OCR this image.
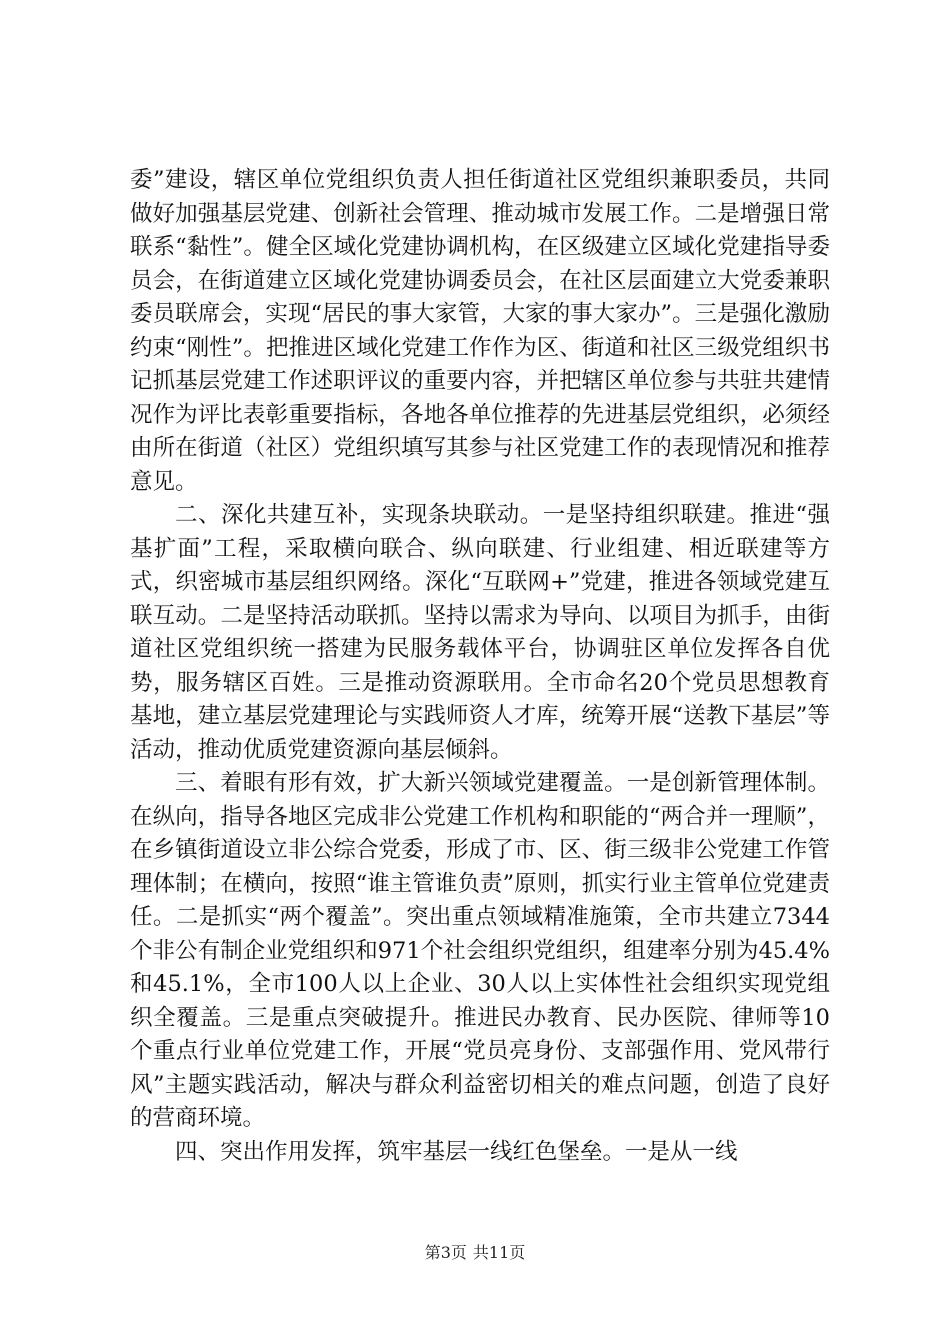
委”建设，辖区单位党组织负责人担任街道社区党组织兼职委员，共同做好加强基层党建、创新社会管理、推动城市发展工作。二是增强日常联系“黏性”。健全区域化党建协调机构，在区级建立区域化党建指导委员会，在街道建立区域化党建协调委员会，在社区层面建立大党委兼职委员联席会，实现“居民的事大家管，大家的事大家办”。三是强化激励约束“刚性”。把推进区域化党建工作作为区、街道和社区三级党组织书记抓基层党建工作述职评议的重要内容，并把辖区单位参与共驻共建情况作为评比表彰重要指标，各地各单位推荐的先进基层党组织，必须经由所在街道（社区）党组织填写其参与社区党建工作的表现情况和推荐意见。

二、深化共建互补，实现条块联动。一是坚持组织联建。推进“强基扩面”工程，采取横向联合、纵向联建、行业组建、相近联建等方式，织密城市基层组织网络。深化“互联网+”党建，推进各领域党建互联互动。二是坚持活动联抓。坚持以需求为导向、以项目为抓手，由街道社区党组织统一搭建为民服务载体平台，协调驻区单位发挥各自优势，服务辖区百姓。三是推动资源联用。全市命名20个党员思想教育基地，建立基层党建理论与实践师资人才库，统筹开展“送教下基层”等活动，推动优质党建资源向基层倾斜。

三、着眼有形有效，扩大新兴领域党建覆盖。一是创新管理体制。在纵向，指导各地区完成非公党建工作机构和职能的“两合并一理顺”，在乡镇街道设立非公综合党委，形成了市、区、街三级非公党建工作管理体制；在横向，按照“谁主管谁负责”原则，抓实行业主管单位党建责任。二是抓实“两个覆盖”。突出重点领域精准施策，全市共建立7344个非公有制企业党组织和971个社会组织党组织，组建率分别为45.4%和45.1%，全市100人以上企业、30人以上实体性社会组织实现党组织全覆盖。三是重点突破提升。推进民办教育、民办医院、律师等10个重点行业单位党建工作，开展“党员亮身份、支部强作用、党风带行风”主题实践活动，解决与群众利益密切相关的难点问题，创造了良好的营商环境。

四、突出作用发挥，筑牢基层一线红色堡垒。一是从一线

第3页 共11页
